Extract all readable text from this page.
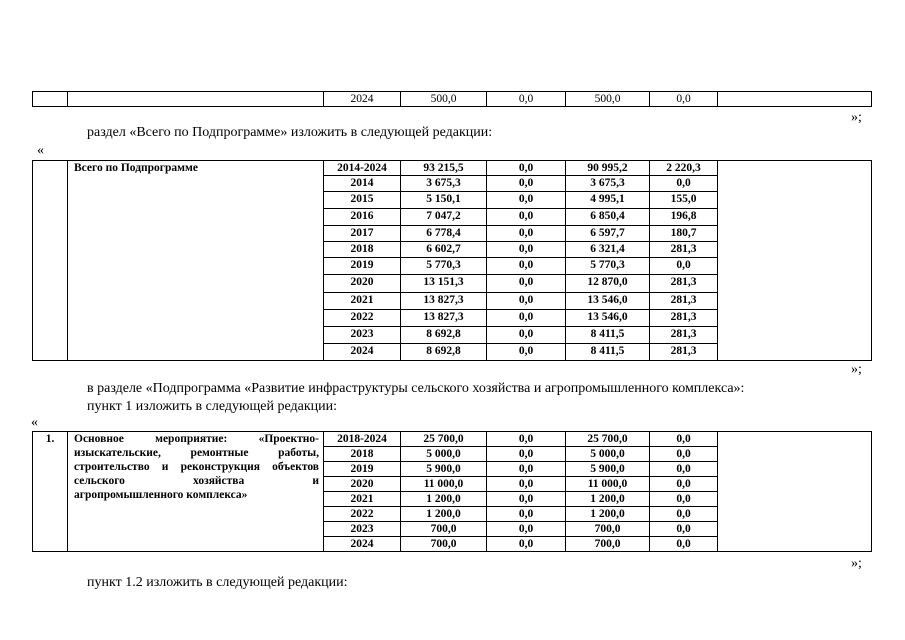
		2024	500,0	0,0	500,0	0,0	
»;
раздел «Всего по Подпрограмме» изложить в следующей редакции:
«
	Всего по Подпрограмме	2014-2024	93 215,5	0,0	90 995,2	2 220,3	
		2014	3 675,3	0,0	3 675,3	0,0	
		2015	5 150,1	0,0	4 995,1	155,0	
		2016	7 047,2	0,0	6 850,4	196,8	
		2017	6 778,4	0,0	6 597,7	180,7	
		2018	6 602,7	0,0	6 321,4	281,3	
		2019	5 770,3	0,0	5 770,3	0,0	
		2020	13 151,3	0,0	12 870,0	281,3	
		2021	13 827,3	0,0	13 546,0	281,3	
		2022	13 827,3	0,0	13 546,0	281,3	
		2023	8 692,8	0,0	8 411,5	281,3	
		2024	8 692,8	0,0	8 411,5	281,3	
»;
в разделе «Подпрограмма «Развитие инфраструктуры сельского хозяйства и агропромышленного комплекса»:
пункт 1 изложить в следующей редакции:
«
1.	Основное мероприятие: «Проектно-
изыскательские, ремонтные работы,
строительство и реконструкция объектов
сельского хозяйства и
агропромышленного комплекса»	2018-2024	25 700,0	0,0	25 700,0	0,0	
		2018	5 000,0	0,0	5 000,0	0,0	
		2019	5 900,0	0,0	5 900,0	0,0	
		2020	11 000,0	0,0	11 000,0	0,0	
		2021	1 200,0	0,0	1 200,0	0,0	
		2022	1 200,0	0,0	1 200,0	0,0	
		2023	700,0	0,0	700,0	0,0	
		2024	700,0	0,0	700,0	0,0	
»;
пункт 1.2 изложить в следующей редакции:
